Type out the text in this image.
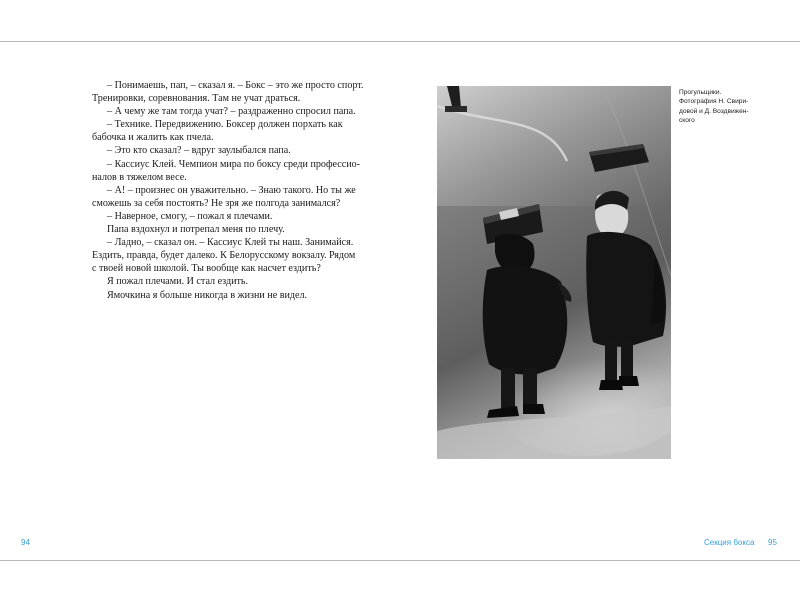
– Понимаешь, пап, – сказал я. – Бокс – это же просто спорт.
Тренировки, соревнования. Там не учат драться.
– А чему же там тогда учат? – раздраженно спросил папа.
– Технике. Передвижению. Боксер должен порхать как
бабочка и жалить как пчела.
– Это кто сказал? – вдруг заулыбался папа.
– Кассиус Клей. Чемпион мира по боксу среди профессио-
налов в тяжелом весе.
– А! – произнес он уважительно. – Знаю такого. Но ты же
сможешь за себя постоять? Не зря же полгода занимался?
– Наверное, смогу, – пожал я плечами.
Папа вздохнул и потрепал меня по плечу.
– Ладно, – сказал он. – Кассиус Клей ты наш. Занимайся.
Ездить, правда, будет далеко. К Белорусскому вокзалу. Рядом
с твоей новой школой. Ты вообще как насчет ездить?
Я пожал плечами. И стал ездить.
Ямочкина я больше никогда в жизни не видел.
Прогульщики.
Фотография Н. Свири-
довой и Д. Воздвижен-
ского
94	Секция бокса 95
